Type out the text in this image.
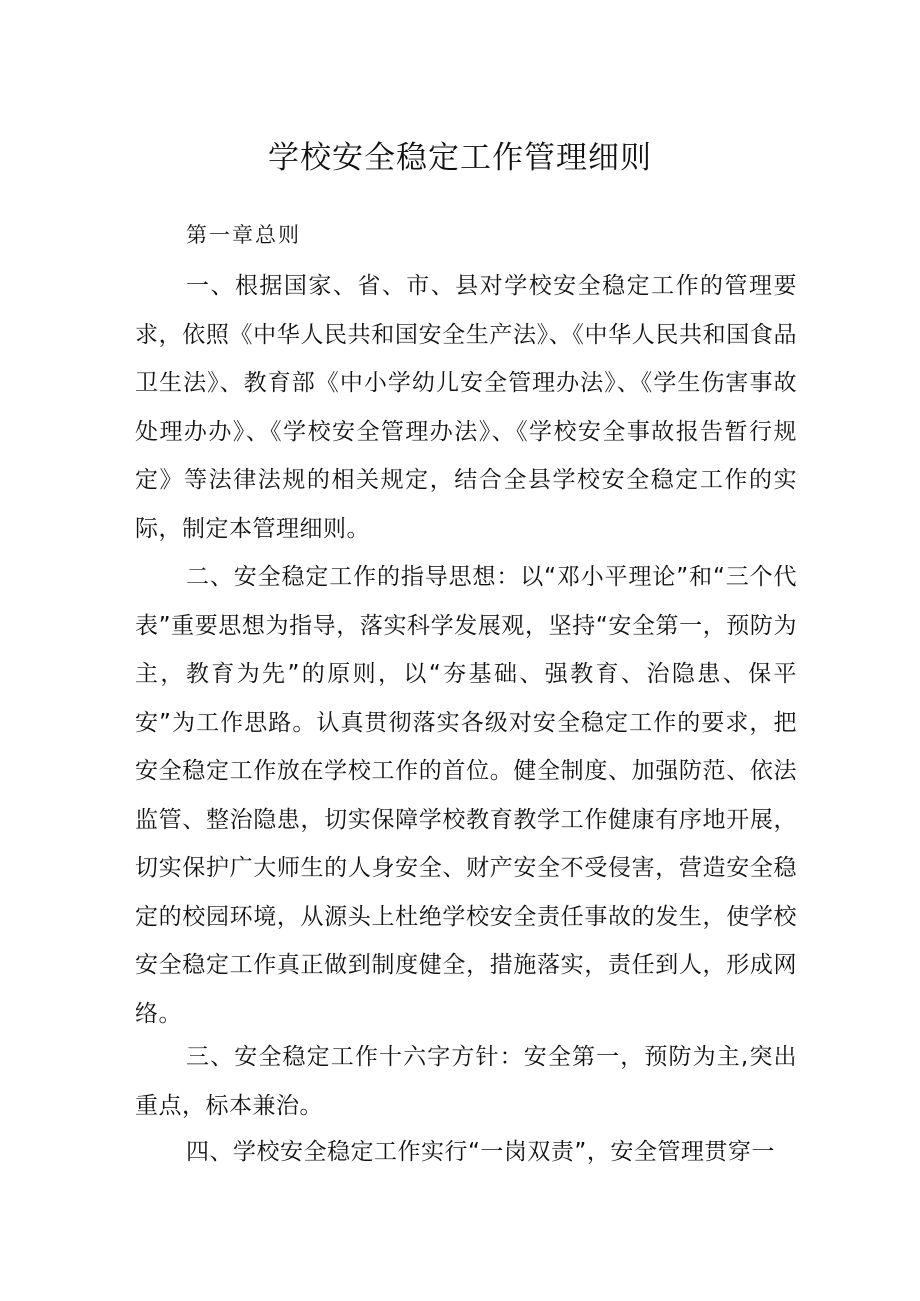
学校安全稳定工作管理细则
第一章总则

一、根据国家、省、市、县对学校安全稳定工作的管理要求，依照《中华人民共和国安全生产法》、《中华人民共和国食品卫生法》、教育部《中小学幼儿安全管理办法》、《学生伤害事故处理办办》、《学校安全管理办法》、《学校安全事故报告暂行规定》等法律法规的相关规定，结合全县学校安全稳定工作的实际，制定本管理细则。

二、安全稳定工作的指导思想：以“邓小平理论”和“三个代表”重要思想为指导，落实科学发展观，坚持“安全第一，预防为主，教育为先”的原则，以“夯基础、强教育、治隐患、保平安”为工作思路。认真贯彻落实各级对安全稳定工作的要求，把安全稳定工作放在学校工作的首位。健全制度、加强防范、依法监管、整治隐患，切实保障学校教育教学工作健康有序地开展，切实保护广大师生的人身安全、财产安全不受侵害，营造安全稳定的校园环境，从源头上杜绝学校安全责任事故的发生，使学校安全稳定工作真正做到制度健全，措施落实，责任到人，形成网络。

三、安全稳定工作十六字方针：安全第一，预防为主,突出重点，标本兼治。

四、学校安全稳定工作实行“一岗双责”，安全管理贯穿一
